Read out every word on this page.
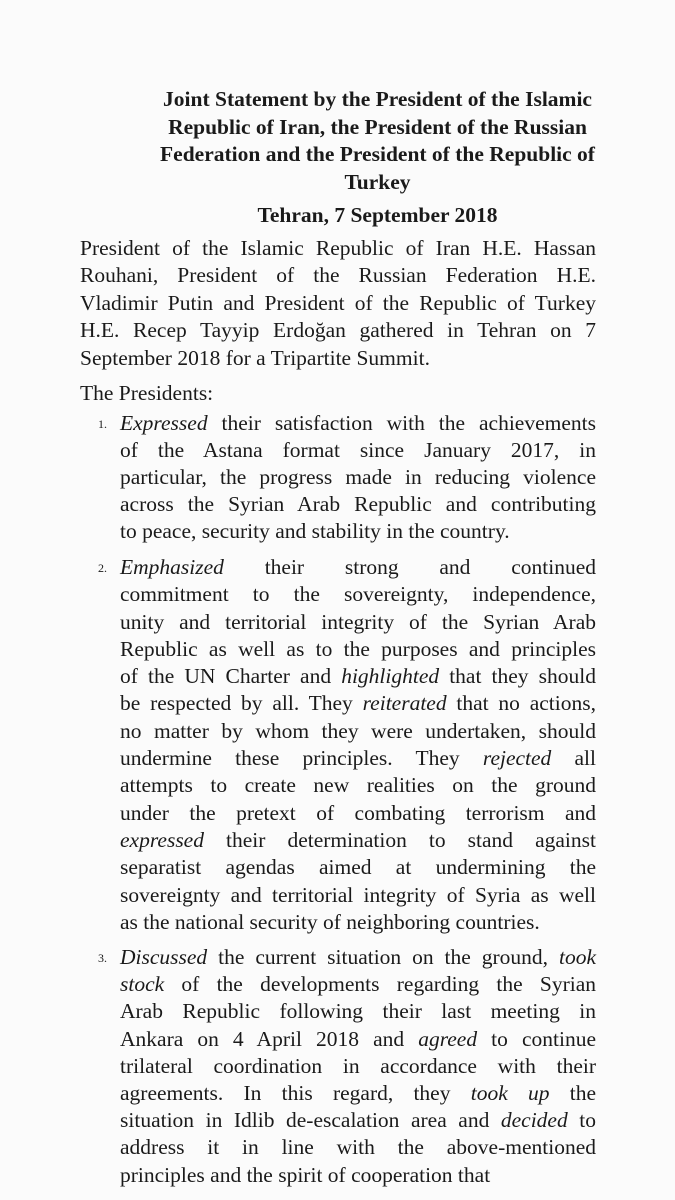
Joint Statement by the President of the Islamic
Republic of Iran, the President of the Russian
Federation and the President of the Republic of
Turkey
Tehran, 7 September 2018
President of the Islamic Republic of Iran H.E. Hassan
Rouhani, President of the Russian Federation H.E.
Vladimir Putin and President of the Republic of Turkey
H.E. Recep Tayyip Erdoğan gathered in Tehran on 7
September 2018 for a Tripartite Summit.
The Presidents:
1. Expressed their satisfaction with the achievements
of the Astana format since January 2017, in
particular, the progress made in reducing violence
across the Syrian Arab Republic and contributing
to peace, security and stability in the country.
2. Emphasized their strong and continued
commitment to the sovereignty, independence,
unity and territorial integrity of the Syrian Arab
Republic as well as to the purposes and principles
of the UN Charter and highlighted that they should
be respected by all. They reiterated that no actions,
no matter by whom they were undertaken, should
undermine these principles. They rejected all
attempts to create new realities on the ground
under the pretext of combating terrorism and
expressed their determination to stand against
separatist agendas aimed at undermining the
sovereignty and territorial integrity of Syria as well
as the national security of neighboring countries.
3. Discussed the current situation on the ground, took
stock of the developments regarding the Syrian
Arab Republic following their last meeting in
Ankara on 4 April 2018 and agreed to continue
trilateral coordination in accordance with their
agreements. In this regard, they took up the
situation in Idlib de-escalation area and decided to
address it in line with the above-mentioned
principles and the spirit of cooperation that
